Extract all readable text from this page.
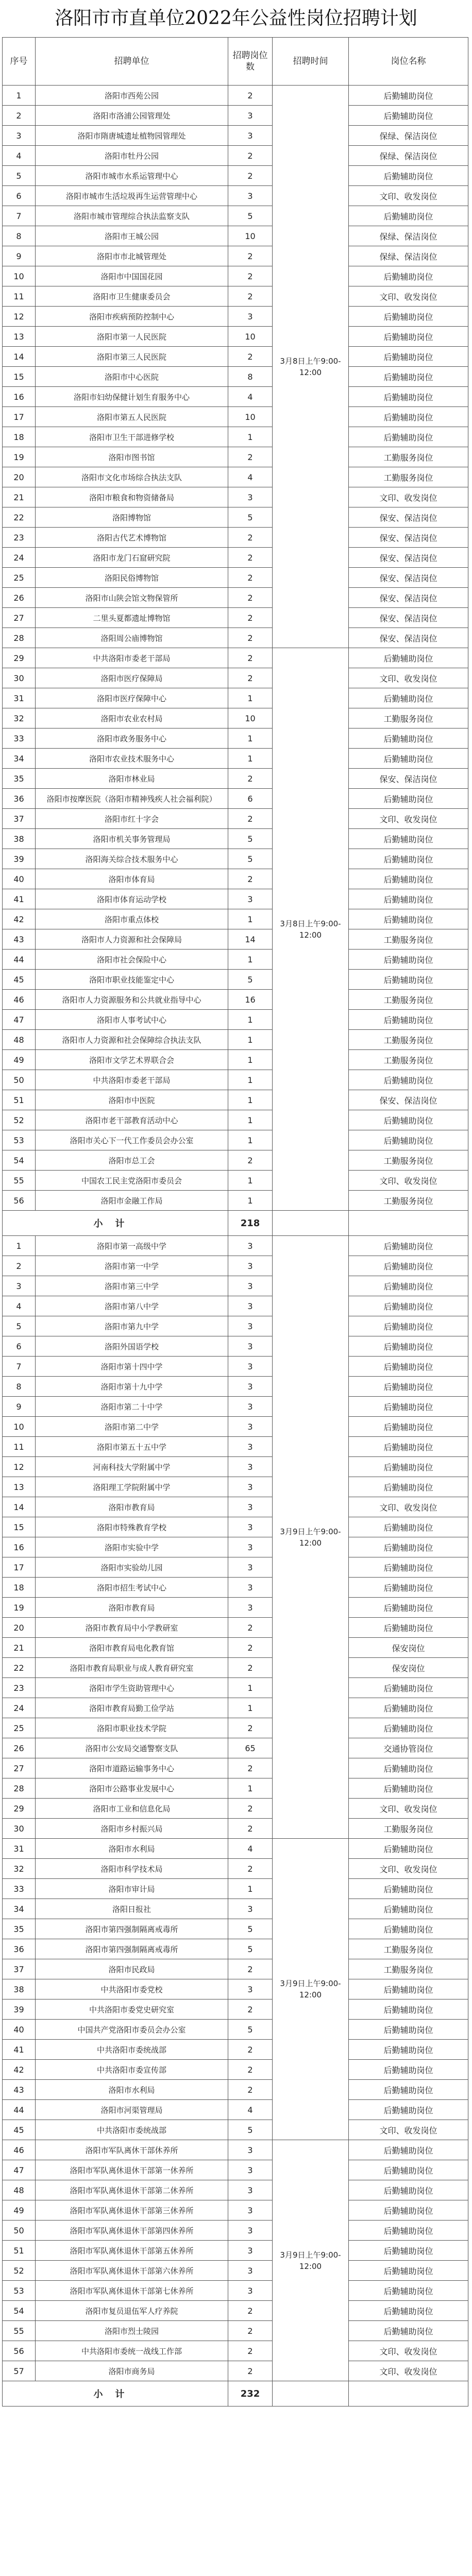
洛阳市市直单位2022年公益性岗位招聘计划
序号	招聘单位	招聘岗位数	招聘时间	岗位名称
1	洛阳市西苑公园	2	3月8日上午9:00-12:00	后勤辅助岗位
2	洛阳市洛浦公园管理处	3		后勤辅助岗位
3	洛阳市隋唐城遗址植物园管理处	3		保绿、保洁岗位
4	洛阳市牡丹公园	2		保绿、保洁岗位
5	洛阳市城市水系运管理中心	2		后勤辅助岗位
6	洛阳市城市生活垃圾再生运营管理中心	3		文印、收发岗位
7	洛阳市城市管理综合执法监察支队	5		后勤辅助岗位
8	洛阳市王城公园	10		保绿、保洁岗位
9	洛阳市市北城管理处	2		保绿、保洁岗位
10	洛阳市中国国花园	2		后勤辅助岗位
11	洛阳市卫生健康委员会	2		文印、收发岗位
12	洛阳市疾病预防控制中心	3		后勤辅助岗位
13	洛阳市第一人民医院	10		后勤辅助岗位
14	洛阳市第三人民医院	2		后勤辅助岗位
15	洛阳市中心医院	8		后勤辅助岗位
16	洛阳市妇幼保健计划生育服务中心	4		后勤辅助岗位
17	洛阳市第五人民医院	10		后勤辅助岗位
18	洛阳市卫生干部进修学校	1		后勤辅助岗位
19	洛阳市图书馆	2		工勤服务岗位
20	洛阳市文化市场综合执法支队	4		工勤服务岗位
21	洛阳市粮食和物资储备局	3		文印、收发岗位
22	洛阳博物馆	5		保安、保洁岗位
23	洛阳古代艺术博物馆	2		保安、保洁岗位
24	洛阳市龙门石窟研究院	2		保安、保洁岗位
25	洛阳民俗博物馆	2		保安、保洁岗位
26	洛阳市山陕会馆文物保管所	2		保安、保洁岗位
27	二里头夏都遗址博物馆	2		保安、保洁岗位
28	洛阳周公庙博物馆	2		保安、保洁岗位
29	中共洛阳市委老干部局	2	3月8日上午9:00-12:00	后勤辅助岗位
30	洛阳市医疗保障局	2		文印、收发岗位
31	洛阳市医疗保障中心	1		后勤辅助岗位
32	洛阳市农业农村局	10		工勤服务岗位
33	洛阳市政务服务中心	1		后勤辅助岗位
34	洛阳市农业技术服务中心	1		后勤辅助岗位
35	洛阳市林业局	2		保安、保洁岗位
36	洛阳市按摩医院（洛阳市精神残疾人社会福利院）	6		后勤辅助岗位
37	洛阳市红十字会	2		文印、收发岗位
38	洛阳市机关事务管理局	5		后勤辅助岗位
39	洛阳海关综合技术服务中心	5		后勤辅助岗位
40	洛阳市体育局	2		后勤辅助岗位
41	洛阳市体育运动学校	3		后勤辅助岗位
42	洛阳市重点体校	1		后勤辅助岗位
43	洛阳市人力资源和社会保障局	14		工勤服务岗位
44	洛阳市社会保险中心	1		后勤辅助岗位
45	洛阳市职业技能鉴定中心	5		后勤辅助岗位
46	洛阳市人力资源服务和公共就业指导中心	16		工勤服务岗位
47	洛阳市人事考试中心	1		后勤辅助岗位
48	洛阳市人力资源和社会保障综合执法支队	1		工勤服务岗位
49	洛阳市文学艺术界联合会	1		工勤服务岗位
50	中共洛阳市委老干部局	1		后勤辅助岗位
51	洛阳市中医院	1		保安、保洁岗位
52	洛阳市老干部教育活动中心	1		后勤辅助岗位
53	洛阳市关心下一代工作委员会办公室	1		后勤辅助岗位
54	洛阳市总工会	2		工勤服务岗位
55	中国农工民主党洛阳市委员会	1		文印、收发岗位
56	洛阳市金融工作局	1		工勤服务岗位
小计		218		
1	洛阳市第一高级中学	3	3月9日上午9:00-12:00	后勤辅助岗位
2	洛阳市第一中学	3		后勤辅助岗位
3	洛阳市第三中学	3		后勤辅助岗位
4	洛阳市第八中学	3		后勤辅助岗位
5	洛阳市第九中学	3		后勤辅助岗位
6	洛阳外国语学校	3		后勤辅助岗位
7	洛阳市第十四中学	3		后勤辅助岗位
8	洛阳市第十九中学	3		后勤辅助岗位
9	洛阳市第二十中学	3		后勤辅助岗位
10	洛阳市第二中学	3		后勤辅助岗位
11	洛阳市第五十五中学	3		后勤辅助岗位
12	河南科技大学附属中学	3		后勤辅助岗位
13	洛阳理工学院附属中学	3		后勤辅助岗位
14	洛阳市教育局	3		文印、收发岗位
15	洛阳市特殊教育学校	3		后勤辅助岗位
16	洛阳市实验中学	3		后勤辅助岗位
17	洛阳市实验幼儿园	3		后勤辅助岗位
18	洛阳市招生考试中心	3		后勤辅助岗位
19	洛阳市教育局	3		后勤辅助岗位
20	洛阳市教育局中小学教研室	2		后勤辅助岗位
21	洛阳市教育局电化教育馆	2		保安岗位
22	洛阳市教育局职业与成人教育研究室	2		保安岗位
23	洛阳市学生资助管理中心	1		后勤辅助岗位
24	洛阳市教育局勤工俭学站	1		后勤辅助岗位
25	洛阳市职业技术学院	2		后勤辅助岗位
26	洛阳市公安局交通警察支队	65		交通协管岗位
27	洛阳市道路运输事务中心	2		后勤辅助岗位
28	洛阳市公路事业发展中心	1		后勤辅助岗位
29	洛阳市工业和信息化局	2		文印、收发岗位
30	洛阳市乡村振兴局	2		工勤服务岗位
31	洛阳市水利局	4	3月9日上午9:00-12:00	后勤辅助岗位
32	洛阳市科学技术局	2		文印、收发岗位
33	洛阳市审计局	1		后勤辅助岗位
34	洛阳日报社	3		后勤辅助岗位
35	洛阳市第四强制隔离戒毒所	5		后勤辅助岗位
36	洛阳市第四强制隔离戒毒所	5		工勤服务岗位
37	洛阳市民政局	2		工勤服务岗位
38	中共洛阳市委党校	3		后勤辅助岗位
39	中共洛阳市委党史研究室	2		后勤辅助岗位
40	中国共产党洛阳市委员会办公室	5		后勤辅助岗位
41	中共洛阳市委统战部	2		后勤辅助岗位
42	中共洛阳市委宣传部	2		后勤辅助岗位
43	洛阳市水利局	2		后勤辅助岗位
44	洛阳市河渠管理局	4		后勤辅助岗位
45	中共洛阳市委统战部	5		文印、收发岗位
46	洛阳市军队离休干部休养所	3	3月9日上午9:00-12:00	后勤辅助岗位
47	洛阳市军队离休退休干部第一休养所	3		后勤辅助岗位
48	洛阳市军队离休退休干部第二休养所	3		后勤辅助岗位
49	洛阳市军队离休退休干部第三休养所	3		后勤辅助岗位
50	洛阳市军队离休退休干部第四休养所	3		后勤辅助岗位
51	洛阳市军队离休退休干部第五休养所	3		后勤辅助岗位
52	洛阳市军队离休退休干部第六休养所	3		后勤辅助岗位
53	洛阳市军队离休退休干部第七休养所	3		后勤辅助岗位
54	洛阳市复员退伍军人疗养院	2		后勤辅助岗位
55	洛阳市烈士陵园	2		后勤辅助岗位
56	中共洛阳市委统一战线工作部	2		文印、收发岗位
57	洛阳市商务局	2		文印、收发岗位
小计		232		
